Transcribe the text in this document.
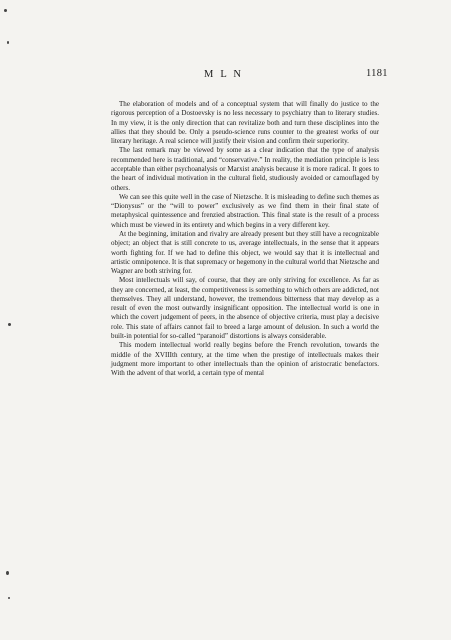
M L N	1181

The elaboration of models and of a conceptual system that will finally do justice to the rigorous perception of a Dostoevsky is no less necessary to psychiatry than to literary studies. In my view, it is the only direction that can revitalize both and turn these disciplines into the allies that they should be. Only a pseudo-science runs counter to the greatest works of our literary heritage. A real science will justify their vision and confirm their superiority.

The last remark may be viewed by some as a clear indication that the type of analysis recommended here is traditional, and “conservative.” In reality, the mediation principle is less acceptable than either psychoanalysis or Marxist analysis because it is more radical. It goes to the heart of individual motivation in the cultural field, studiously avoided or camouflaged by others.

We can see this quite well in the case of Nietzsche. It is misleading to define such themes as “Dionysus” or the “will to power” exclusively as we find them in their final state of metaphysical quintessence and frenzied abstraction. This final state is the result of a process which must be viewed in its entirety and which begins in a very different key.

At the beginning, imitation and rivalry are already present but they still have a recognizable object; an object that is still concrete to us, average intellectuals, in the sense that it appears worth fighting for. If we had to define this object, we would say that it is intellectual and artistic omnipotence. It is that supremacy or hegemony in the cultural world that Nietzsche and Wagner are both striving for.

Most intellectuals will say, of course, that they are only striving for excellence. As far as they are concerned, at least, the competitiveness is something to which others are addicted, not themselves. They all understand, however, the tremendous bitterness that may develop as a result of even the most outwardly insignificant opposition. The intellectual world is one in which the covert judgement of peers, in the absence of objective criteria, must play a decisive role. This state of affairs cannot fail to breed a large amount of delusion. In such a world the built-in potential for so-called “paranoid” distortions is always considerable.

This modern intellectual world really begins before the French revolution, towards the middle of the XVIIIth century, at the time when the prestige of intellectuals makes their judgment more important to other intellectuals than the opinion of aristocratic benefactors. With the advent of that world, a certain type of mental
